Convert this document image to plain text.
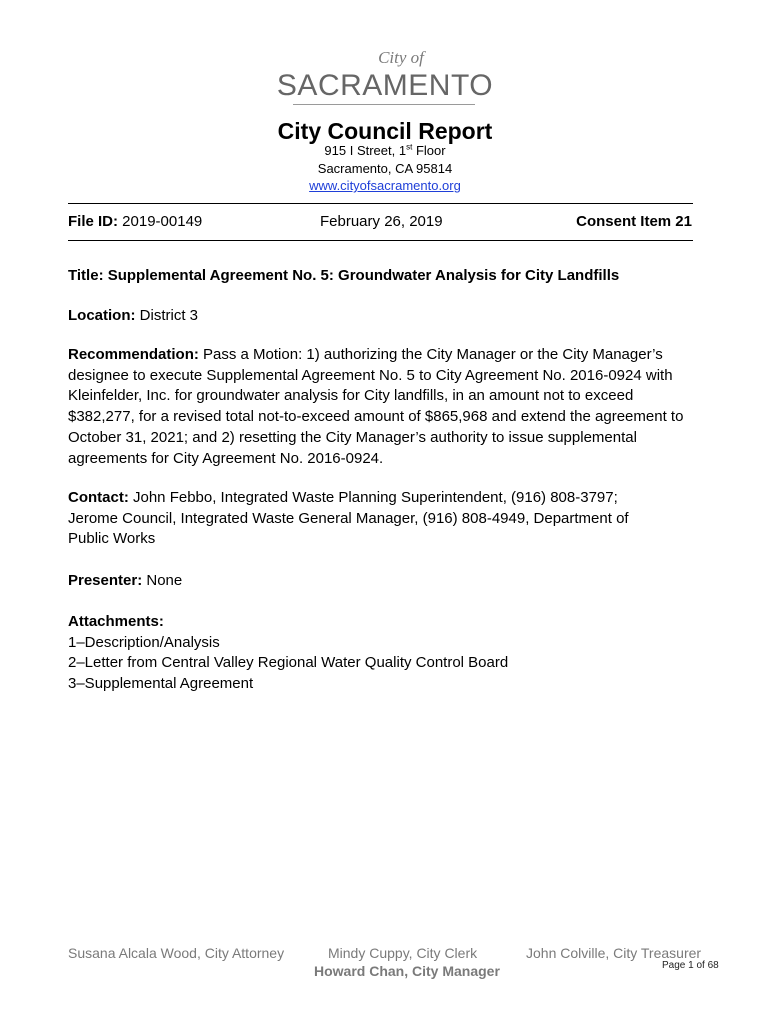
City of
SACRAMENTO
City Council Report
915 I Street, 1st Floor
Sacramento, CA 95814
www.cityofsacramento.org
File ID: 2019-00149	February 26, 2019	Consent Item 21
Title: Supplemental Agreement No. 5: Groundwater Analysis for City Landfills
Location: District 3
Recommendation: Pass a Motion: 1) authorizing the City Manager or the City Manager’s
designee to execute Supplemental Agreement No. 5 to City Agreement No. 2016-0924 with
Kleinfelder, Inc. for groundwater analysis for City landfills, in an amount not to exceed
$382,277, for a revised total not-to-exceed amount of $865,968 and extend the agreement to
October 31, 2021; and 2) resetting the City Manager’s authority to issue supplemental
agreements for City Agreement No. 2016-0924.
Contact: John Febbo, Integrated Waste Planning Superintendent, (916) 808-3797;
Jerome Council, Integrated Waste General Manager, (916) 808-4949, Department of
Public Works
Presenter: None
Attachments:
1–Description/Analysis
2–Letter from Central Valley Regional Water Quality Control Board
3–Supplemental Agreement
Susana Alcala Wood, City Attorney	Mindy Cuppy, City Clerk	John Colville, City Treasurer
Howard Chan, City Manager	Page 1 of 68
